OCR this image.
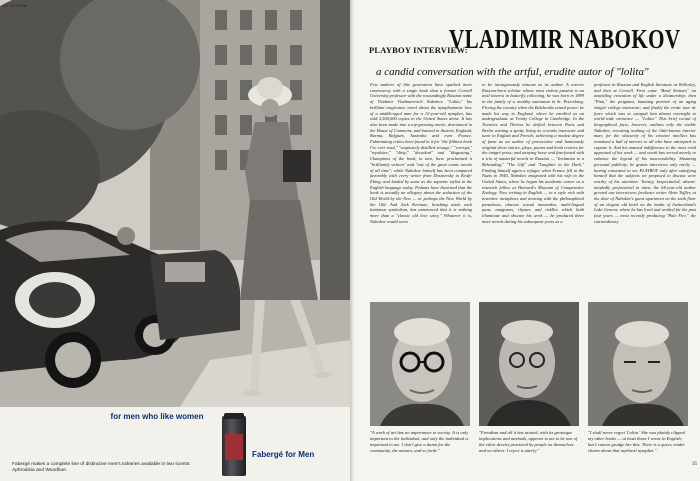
BY INGRAM
for men who like women
Fabergé makes a complete line of distinctive men's toiletries available in two scents: Aphrodisia and Woodhue.
Fabergé for Men
PLAYBOY INTERVIEW:
VLADIMIR NABOKOV
a candid conversation with the artful, erudite autor of "lolita"
Few authors of this generation have sparked more controversy with a single book than a former Cornell University professor with the resoundingly Russian name of Vladimir Vladimirovich Nabokov. "Lolita," his brilliant tragicomic novel about the nymphomanic love of a middle-aged man for a 12-year-old nymphet, has sold 2,500,000 copies in the United States alone. It has also been made into a top-grossing movie, denounced in the House of Commons, and banned in Austria, England, Burma, Belgium, Australia and even France. Fulminating critics have found in it for "the filthiest book I've ever read," "exquisitely distilled sewage," "corrupt," "repulsive," "dirty," "decadent" and "disgusting." Champions of the book, in turn, have proclaimed it "brilliantly written" and "one of the great comic novels of all time"; while Nabokov himself has been compared favorably with every writer from Dostoevsky to Kraft-Ebing, and lauded by some as the supreme stylist in the English language today. Pedants have theorized that the book is actually an allegory about the seduction of the Old World by the New — or perhaps the New World by the Old. And Jack Kerouac, brushing aside such luminous symbolism, has announced that it is nothing more than a "classic old love story." Whatever it is, Nabokov would seem
to be incongruously miscast as its author. A reserve Russian-born scholar whose most violent passion is an avid interest in butterfly collecting, he was born in 1899 in the family of a wealthy statesman in St. Petersburg. Fleeing the country when the Bolsheviks seized power, he made his way to England, where he enrolled as an undergraduate at Trinity College in Cambridge. In the Twenties and Thirties he drifted between Paris and Berlin earning a spotty living as a tennis instructor and tutor in English and French; achieving a modest degree of fame as an author of provocative and luminously original short stories, plays, poems and book reviews for the émigré press; and straying loose and fast-footed with a trio of masterful novels in Russian — "Invitation to a Beheading," "The Gift" and "Laughter in the Dark." Finding himself again a refugee when France fell to the Nazis in 1940, Nabokov emigrated with his wife to the United States, where he began his academic career as a research fellow at Harvard's Museum of Comparative Zoology. Now writing in English — in a style rich with inventive metaphors and teeming with the philosophical paradoxes, obscure sexual innuendos, multi-lingual puns, anagrams, rhymes and riddles which both illuminate and obscure his work — he produced three more novels during his subsequent years as a
professor in Russian and English literature at Wellesley, and then at Cornell. First came "Bend Sinister," an unsettling evocation of life under a dictatorship; then "Pnin," the poignant, haunting portrait of an aging émigré college instructor; and finally the erotic tour de force which was to catapult him almost overnight to world-wide eminence — "Lolita." This brief recital of biographical facts, however, outlines only the visible Nabokov, revealing nothing of the little-known interior man; for the obscurity of his creative intellect has remained a hall of mirrors to all who have attempted to capture it. And his amused indifference to the most vivid appraisal of his work — and worth has served merely to enhance the legend of his inaccessibility. Shunning personal publicity, he grants interviews only rarely — having consented to see PLAYBOY only after satisfying himself that the subjects we proposed to discuss were worthy of his attention. Twenty, bespectacled, absent-mindedly professorial in mien, the 64-year-old author greeted our interviewer, freelance writer Alvin Toffler, at the door of Nabokov's guest apartment on the sixth floor of an elegant old hotel on the banks of Switzerland's Lake Geneva, where he has lived and worked for the past four years — most recently producing "Pale Fire," the extraordinary
"A work of art has no importance to society. It is only important to the individual, and only the individual is important to me. I don't give a damn for the community, the masses, and so forth."
"Freudism and all it has tainted, with its grotesque implications and methods, appears to me to be one of the vilest deceits practiced by people on themselves and on others. I reject it utterly."
"I shall never regret 'Lolita.' She was plainly clipped my other books — at least those I wrote in English; but I cannot grudge her this. There is a queer, tender charm about that mythical nymphet."
35
